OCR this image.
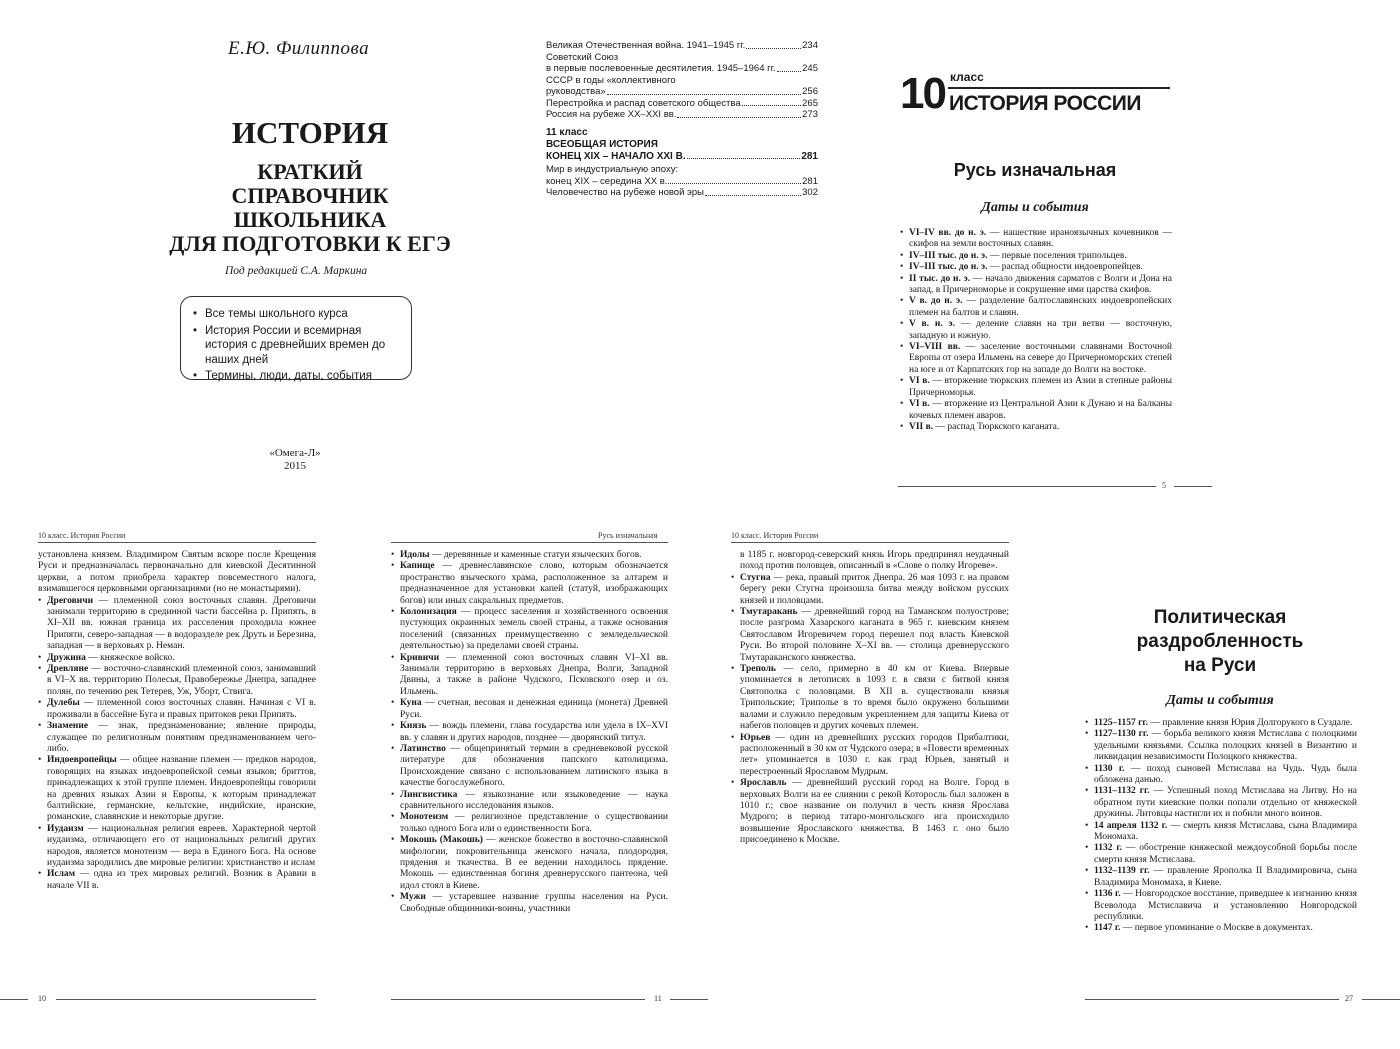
Е.Ю. Филиппова
ИСТОРИЯ
КРАТКИЙ
СПРАВОЧНИК
ШКОЛЬНИКА
ДЛЯ ПОДГОТОВКИ К ЕГЭ
Под редакцией С.А. Маркина
• Все темы школьного курса
• История России и всемирная история с древнейших времен до наших дней
• Термины, люди, даты, события
«Омега-Л»
2015
Великая Отечественная война. 1941–1945 гг.	234
Советский Союз
в первые послевоенные десятилетия. 1945–1964 гг.	245
СССР в годы «коллективного
руководства»	256
Перестройка и распад советского общества	265
Россия на рубеже XX–XXI вв.	273
11 класс
ВСЕОБЩАЯ ИСТОРИЯ
КОНЕЦ XIX – НАЧАЛО XXI В.	281
Мир в индустриальную эпоху:
конец XIX – середина XX в.	281
Человечество на рубеже новой эры	302
10 класс
ИСТОРИЯ РОССИИ
Русь изначальная
Даты и события
• VI–IV вв. до н. э. — нашествие ираноязычных кочевников — скифов на земли восточных славян.
• IV–III тыс. до н. э. — первые поселения трипольцев.
• IV–III тыс. до н. э. — распад общности индоевропейцев.
• II тыс. до н. э. — начало движения сарматов с Волги и Дона на запад, в Причерноморье и сокрушение ими царства скифов.
• V в. до н. э. — разделение балтославянских индоевропейских племен на балтов и славян.
• V в. н. э. — деление славян на три ветви — восточную, западную и южную.
• VI–VIII вв. — заселение восточными славянами Восточной Европы от озера Ильмень на севере до Причерноморских степей на юге и от Карпатских гор на западе до Волги на востоке.
• VI в. — вторжение тюркских племен из Азии в степные районы Причерноморья.
• VI в. — вторжение из Центральной Азии к Дунаю и на Балканы кочевых племен аваров.
• VII в. — распад Тюркского каганата.
5
10 класс. История России
установлена князем. Владимиром Святым вскоре после Крещения Руси и предназначалась первоначально для киевской Десятинной церкви, а потом приобрела характер повсеместного налога, взимавшегося церковными организациями (но не монастырями).
• Дреговичи — племенной союз восточных славян. Дреговичи занимали территорию в срединной части бассейна р. Припять, в XI–XII вв. южная граница их расселения проходила южнее Припяти, северо-западная — в водоразделе рек Друть и Березина, западная — в верховьях р. Неман.
• Дружина — княжеское войско.
• Древляне — восточно-славянский племенной союз, занимавший в VI–X вв. территорию Полесья, Правобережье Днепра, западнее полян, по течению рек Тетерев, Уж, Уборт, Ствига.
• Дулебы — племенной союз восточных славян. Начиная с VI в. проживали в бассейне Буга и правых притоков реки Припять.
• Знамение — знак, предзнаменование; явление природы, служащее по религиозным понятиям предзнаменованием чего-либо.
• Индоевропейцы — общее название племен — предков народов, говорящих на языках индоевропейской семьи языков; бриттов, принадлежащих к этой группе племен. Индоевропейцы говорили на древних языках Азии и Европы, к которым принадлежат балтийские, германские, кельтские, индийские, иранские, романские, славянские и некоторые другие.
• Иудаизм — национальная религия евреев. Характерной чертой иудаизма, отличающего его от национальных религий других народов, является монотеизм — вера в Единого Бога. На основе иудаизма зародились две мировые религии: христианство и ислам
• Ислам — одна из трех мировых религий. Возник в Аравии в начале VII в.
10
Русь изначальная
• Идолы — деревянные и каменные статуи языческих богов.
• Капище — древнеславянское слово, которым обозначается пространство языческого храма, расположенное за алтарем и предназначенное для установки капей (статуй, изображающих богов) или иных сакральных предметов.
• Колонизация — процесс заселения и хозяйственного освоения пустующих окраинных земель своей страны, а также основания поселений (связанных преимущественно с земледельческой деятельностью) за пределами своей страны.
• Кривичи — племенной союз восточных славян VI–XI вв. Занимали территорию в верховьях Днепра, Волги, Западной Двины, а также в районе Чудского, Псковского озер и оз. Ильмень.
• Куна — счетная, весовая и денежная единица (монета) Древней Руси.
• Князь — вождь племени, глава государства или удела в IX–XVI вв. у славян и других народов, позднее — дворянский титул.
• Латинство — общепринятый термин в средневековой русской литературе для обозначения папского католицизма. Происхождение связано с использованием латинского языка в качестве богослужебного.
• Лингвистика — языкознание или языковедение — наука сравнительного исследования языков.
• Монотеизм — религиозное представление о существовании только одного Бога или о единственности Бога.
• Мокошь (Макошь) — женское божество в восточно-славянской мифологии, покровительница женского начала, плодородия, прядения и ткачества. В ее ведении находилось прядение. Мокошь — единственная богиня древнерусского пантеона, чей идол стоял в Киеве.
• Мужи — устаревшее название группы населения на Руси. Свободные общинники-воины, участники
11
10 класс. История России
в 1185 г. новгород-северский князь Игорь предпринял неудачный поход против половцев, описанный в «Слове о полку Игореве».
• Стугна — река, правый приток Днепра. 26 мая 1093 г. на правом берегу реки Стугна произошла битва между войском русских князей и половцами.
• Тмутаракань — древнейший город на Таманском полуострове; после разгрома Хазарского каганата в 965 г. киевским князем Святославом Игоревичем город перешел под власть Киевской Руси. Во второй половине X–XI вв. — столица древнерусского Тмутараканского княжества.
• Треполь — село, примерно в 40 км от Киева. Впервые упоминается в летописях в 1093 г. в связи с битвой князя Святополка с половцами. В XII в. существовали князья Трипольские; Триполье в то время было окружено большими валами и служило передовым укреплением для защиты Киева от набегов половцев и других кочевых племен.
• Юрьев — один из древнейших русских городов Прибалтики, расположенный в 30 км от Чудского озера; в «Повести временных лет» упоминается в 1030 г. как град Юрьев, занятый и перестроенный Ярославом Мудрым.
• Ярославль — древнейший русский город на Волге. Город в верховьях Волги на ее слиянии с рекой Которосль был заложен в 1010 г.; свое название он получил в честь князя Ярослава Мудрого; в период татаро-монгольского ига происходило возвышение Ярославского княжества. В 1463 г. оно было присоединено к Москве.
Политическая
раздробленность
на Руси
Даты и события
• 1125–1157 гг. — правление князя Юрия Долгорукого в Суздале.
• 1127–1130 гг. — борьба великого князя Мстислава с полоцкими удельными князьями. Ссылка полоцких князей в Византию и ликвидация независимости Полоцкого княжества.
• 1130 г. — поход сыновей Мстислава на Чудь. Чудь была обложена данью.
• 1131–1132 гг. — Успешный поход Мстислава на Литву. Но на обратном пути киевские полки попали отдельно от княжеской дружины. Литовцы настигли их и побили много воинов.
• 14 апреля 1132 г. — смерть князя Мстислава, сына Владимира Мономаха.
• 1132 г. — обострение княжеской междоусобной борьбы после смерти князя Мстислава.
• 1132–1139 гг. — правление Ярополка II Владимировича, сына Владимира Мономаха, в Киеве.
• 1136 г. — Новгородское восстание, приведшее к изгнанию князя Всеволода Мстиславича и установлению Новгородской республики.
• 1147 г. — первое упоминание о Москве в документах.
27
